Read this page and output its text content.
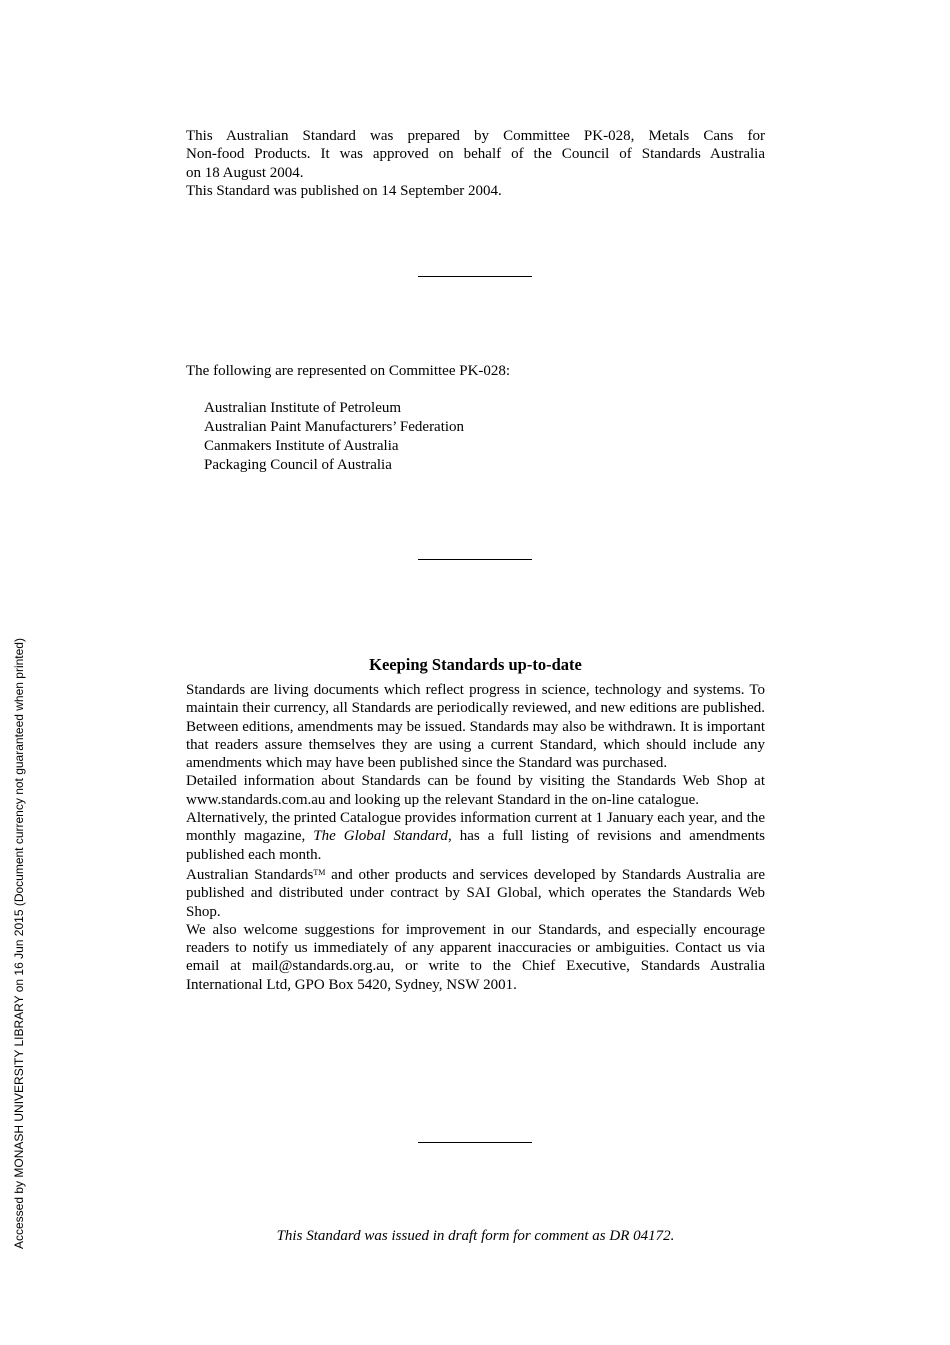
This Australian Standard was prepared by Committee PK-028, Metals Cans for
Non-food Products. It was approved on behalf of the Council of Standards Australia
on 18 August 2004.
This Standard was published on 14 September 2004.
The following are represented on Committee PK-028:
Australian Institute of Petroleum
Australian Paint Manufacturers’ Federation
Canmakers Institute of Australia
Packaging Council of Australia
Keeping Standards up-to-date

Standards are living documents which reflect progress in science, technology and systems. To maintain their currency, all Standards are periodically reviewed, and new editions are published. Between editions, amendments may be issued. Standards may also be withdrawn. It is important that readers assure themselves they are using a current Standard, which should include any amendments which may have been published since the Standard was purchased.

Detailed information about Standards can be found by visiting the Standards Web Shop at www.standards.com.au and looking up the relevant Standard in the on-line catalogue.

Alternatively, the printed Catalogue provides information current at 1 January each year, and the monthly magazine, The Global Standard, has a full listing of revisions and amendments published each month.

Australian Standards™ and other products and services developed by Standards Australia are published and distributed under contract by SAI Global, which operates the Standards Web Shop.

We also welcome suggestions for improvement in our Standards, and especially encourage readers to notify us immediately of any apparent inaccuracies or ambiguities. Contact us via email at mail@standards.org.au, or write to the Chief Executive, Standards Australia International Ltd, GPO Box 5420, Sydney, NSW 2001.

This Standard was issued in draft form for comment as DR 04172.
Accessed by MONASH UNIVERSITY LIBRARY on 16 Jun 2015 (Document currency not guaranteed when printed)
